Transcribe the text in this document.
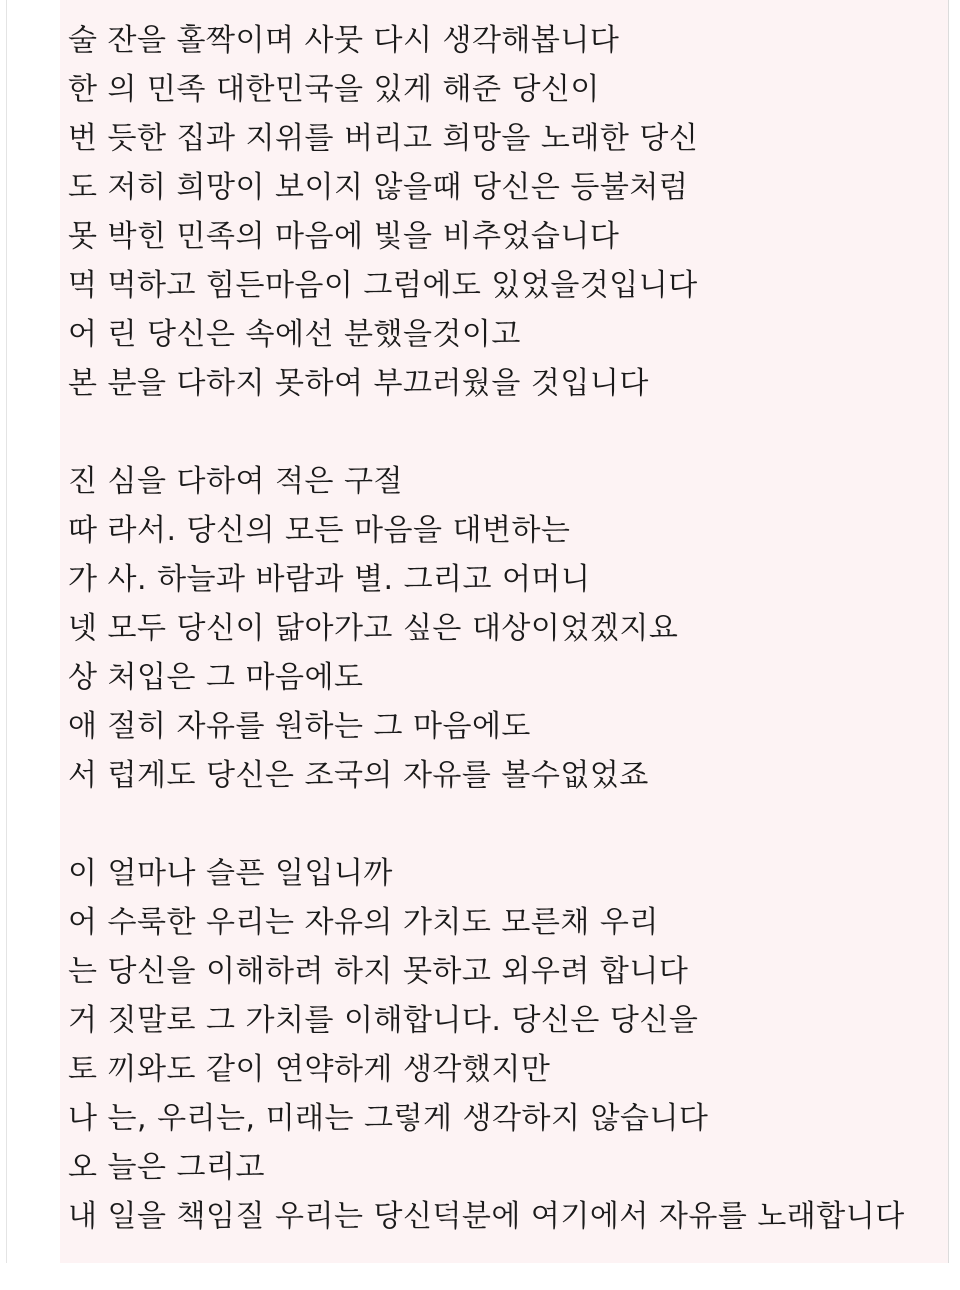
술 잔을 홀짝이며 사뭇 다시 생각해봅니다
한 의 민족 대한민국을 있게 해준 당신이
번 듯한 집과 지위를 버리고 희망을 노래한 당신
도 저히 희망이 보이지 않을때 당신은 등불처럼
못 박힌 민족의 마음에 빛을 비추었습니다
먹 먹하고 힘든마음이 그럼에도 있었을것입니다
어 린 당신은 속에선 분했을것이고
본 분을 다하지 못하여 부끄러웠을 것입니다
진 심을 다하여 적은 구절
따 라서. 당신의 모든 마음을 대변하는
가 사. 하늘과 바람과 별. 그리고 어머니
넷 모두 당신이 닮아가고 싶은 대상이었겠지요
상 처입은 그 마음에도
애 절히 자유를 원하는 그 마음에도
서 럽게도 당신은 조국의 자유를 볼수없었죠
이 얼마나 슬픈 일입니까
어 수룩한 우리는 자유의 가치도 모른채 우리
는 당신을 이해하려 하지 못하고 외우려 합니다
거 짓말로 그 가치를 이해합니다. 당신은 당신을
토 끼와도 같이 연약하게 생각했지만
나 는, 우리는, 미래는 그렇게 생각하지 않습니다
오 늘은 그리고
내 일을 책임질 우리는 당신덕분에 여기에서 자유를 노래합니다
